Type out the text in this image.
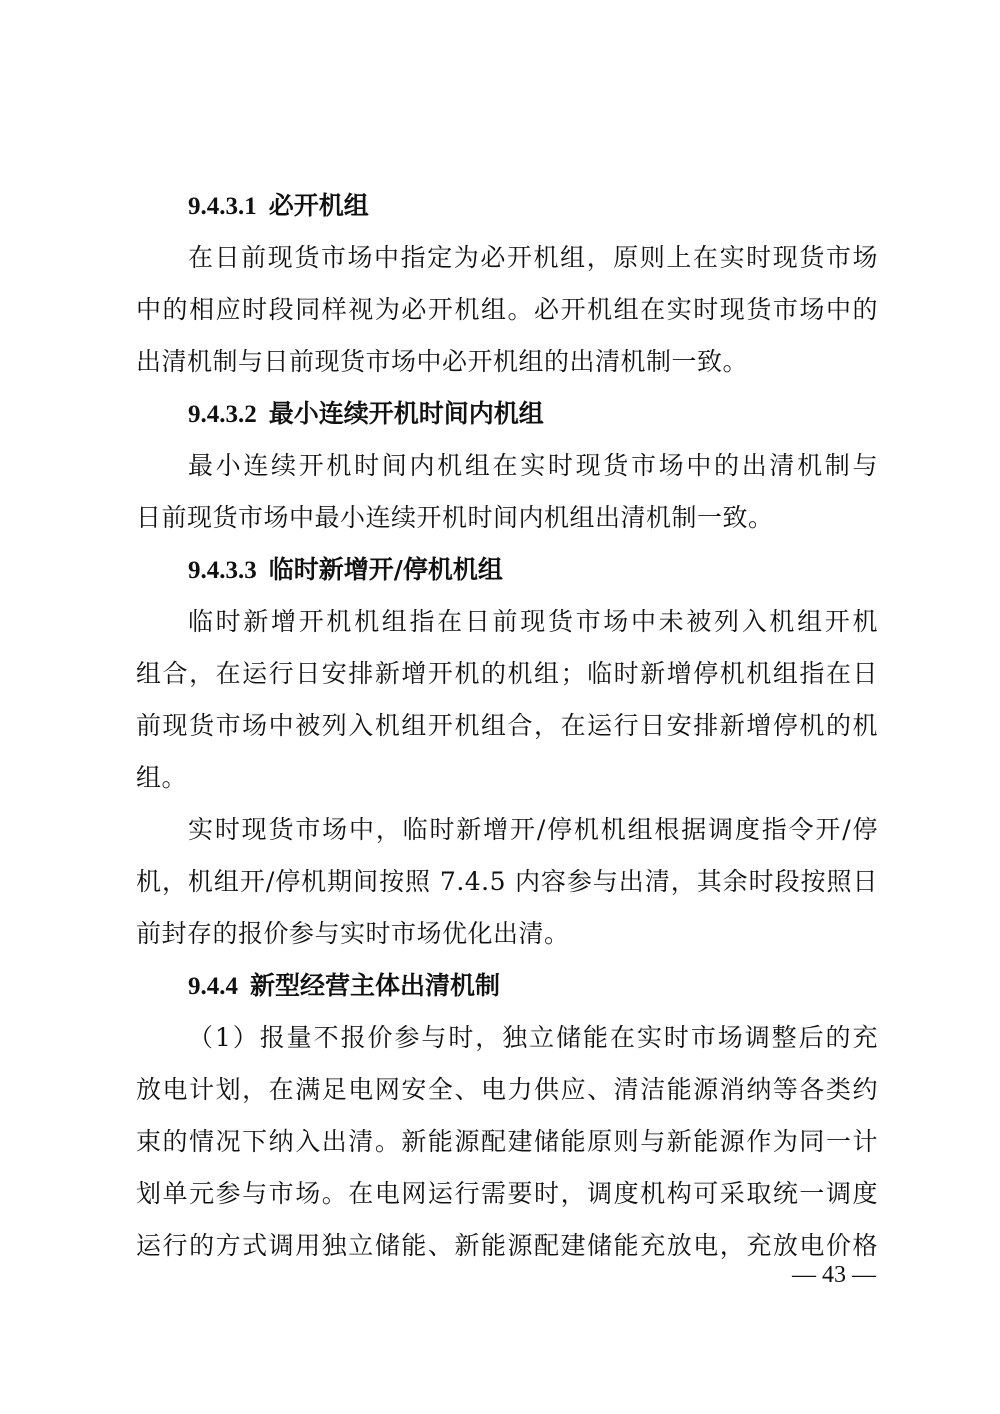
9.4.3.1 必开机组
在日前现货市场中指定为必开机组，原则上在实时现货市场
中的相应时段同样视为必开机组。必开机组在实时现货市场中的
出清机制与日前现货市场中必开机组的出清机制一致。
9.4.3.2 最小连续开机时间内机组
最小连续开机时间内机组在实时现货市场中的出清机制与
日前现货市场中最小连续开机时间内机组出清机制一致。
9.4.3.3 临时新增开/停机机组
临时新增开机机组指在日前现货市场中未被列入机组开机
组合，在运行日安排新增开机的机组；临时新增停机机组指在日
前现货市场中被列入机组开机组合，在运行日安排新增停机的机
组。
实时现货市场中，临时新增开/停机机组根据调度指令开/停
机，机组开/停机期间按照 7.4.5 内容参与出清，其余时段按照日
前封存的报价参与实时市场优化出清。
9.4.4 新型经营主体出清机制
（1）报量不报价参与时，独立储能在实时市场调整后的充
放电计划，在满足电网安全、电力供应、清洁能源消纳等各类约
束的情况下纳入出清。新能源配建储能原则与新能源作为同一计
划单元参与市场。在电网运行需要时，调度机构可采取统一调度
运行的方式调用独立储能、新能源配建储能充放电，充放电价格
— 43 —
